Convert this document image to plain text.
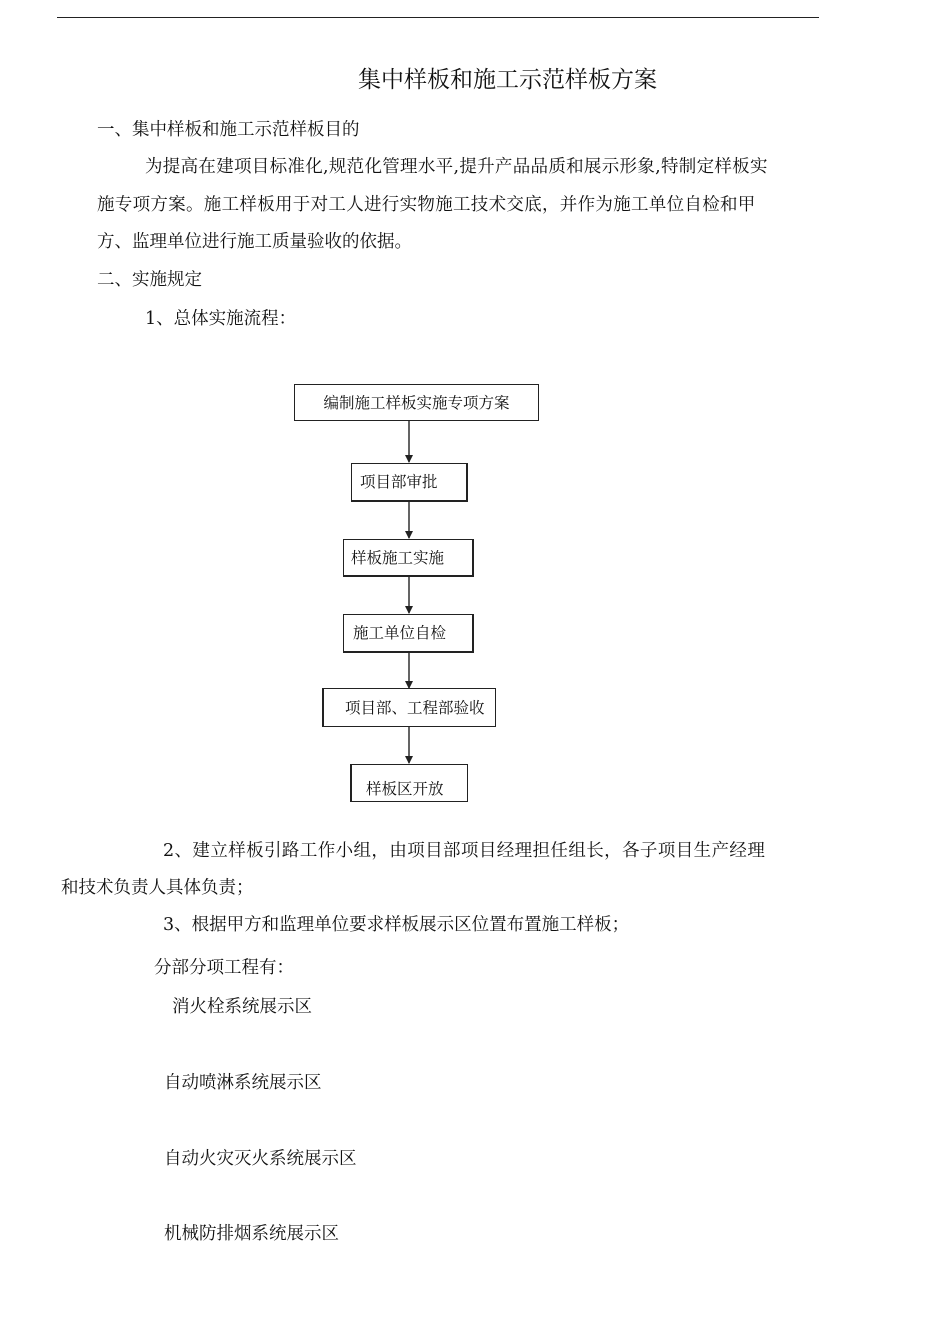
集中样板和施工示范样板方案
一、集中样板和施工示范样板目的
为提高在建项目标准化,规范化管理水平,提升产品品质和展示形象,特制定样板实
施专项方案。施工样板用于对工人进行实物施工技术交底，并作为施工单位自检和甲
方、监理单位进行施工质量验收的依据。
二、实施规定
1、总体实施流程：
编制施工样板实施专项方案
项目部审批
样板施工实施
施工单位自检
项目部、工程部验收
样板区开放
2、建立样板引路工作小组，由项目部项目经理担任组长，各子项目生产经理
和技术负责人具体负责；
3、根据甲方和监理单位要求样板展示区位置布置施工样板；
分部分项工程有：
消火栓系统展示区
自动喷淋系统展示区
自动火灾灭火系统展示区
机械防排烟系统展示区
